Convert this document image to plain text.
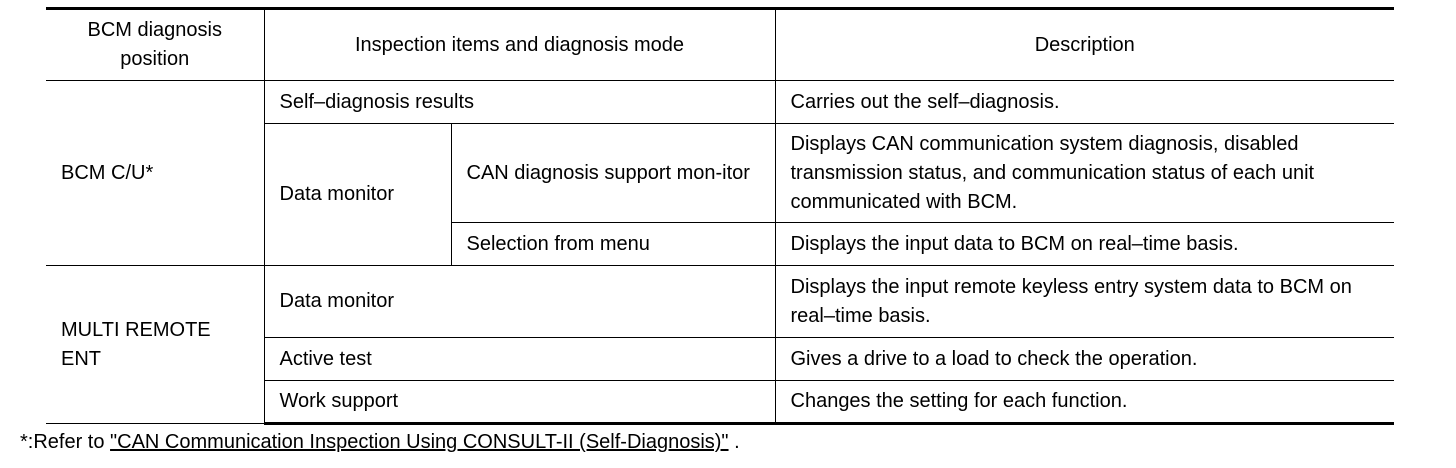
BCM diagnosis position	Inspection items and diagnosis mode		Description
BCM C/U*	Self–diagnosis results		Carries out the self–diagnosis.
	Data monitor	CAN diagnosis support mon-itor	Displays CAN communication system diagnosis, disabled transmission status, and communication status of each unit communicated with BCM.
		Selection from menu	Displays the input data to BCM on real–time basis.

MULTI REMOTE ENT	Data monitor		Displays the input remote keyless entry system data to BCM on real–time basis.
	Active test		Gives a drive to a load to check the operation.
	Work support		Changes the setting for each function.
*:Refer to "CAN Communication Inspection Using CONSULT-II (Self-Diagnosis)" .
